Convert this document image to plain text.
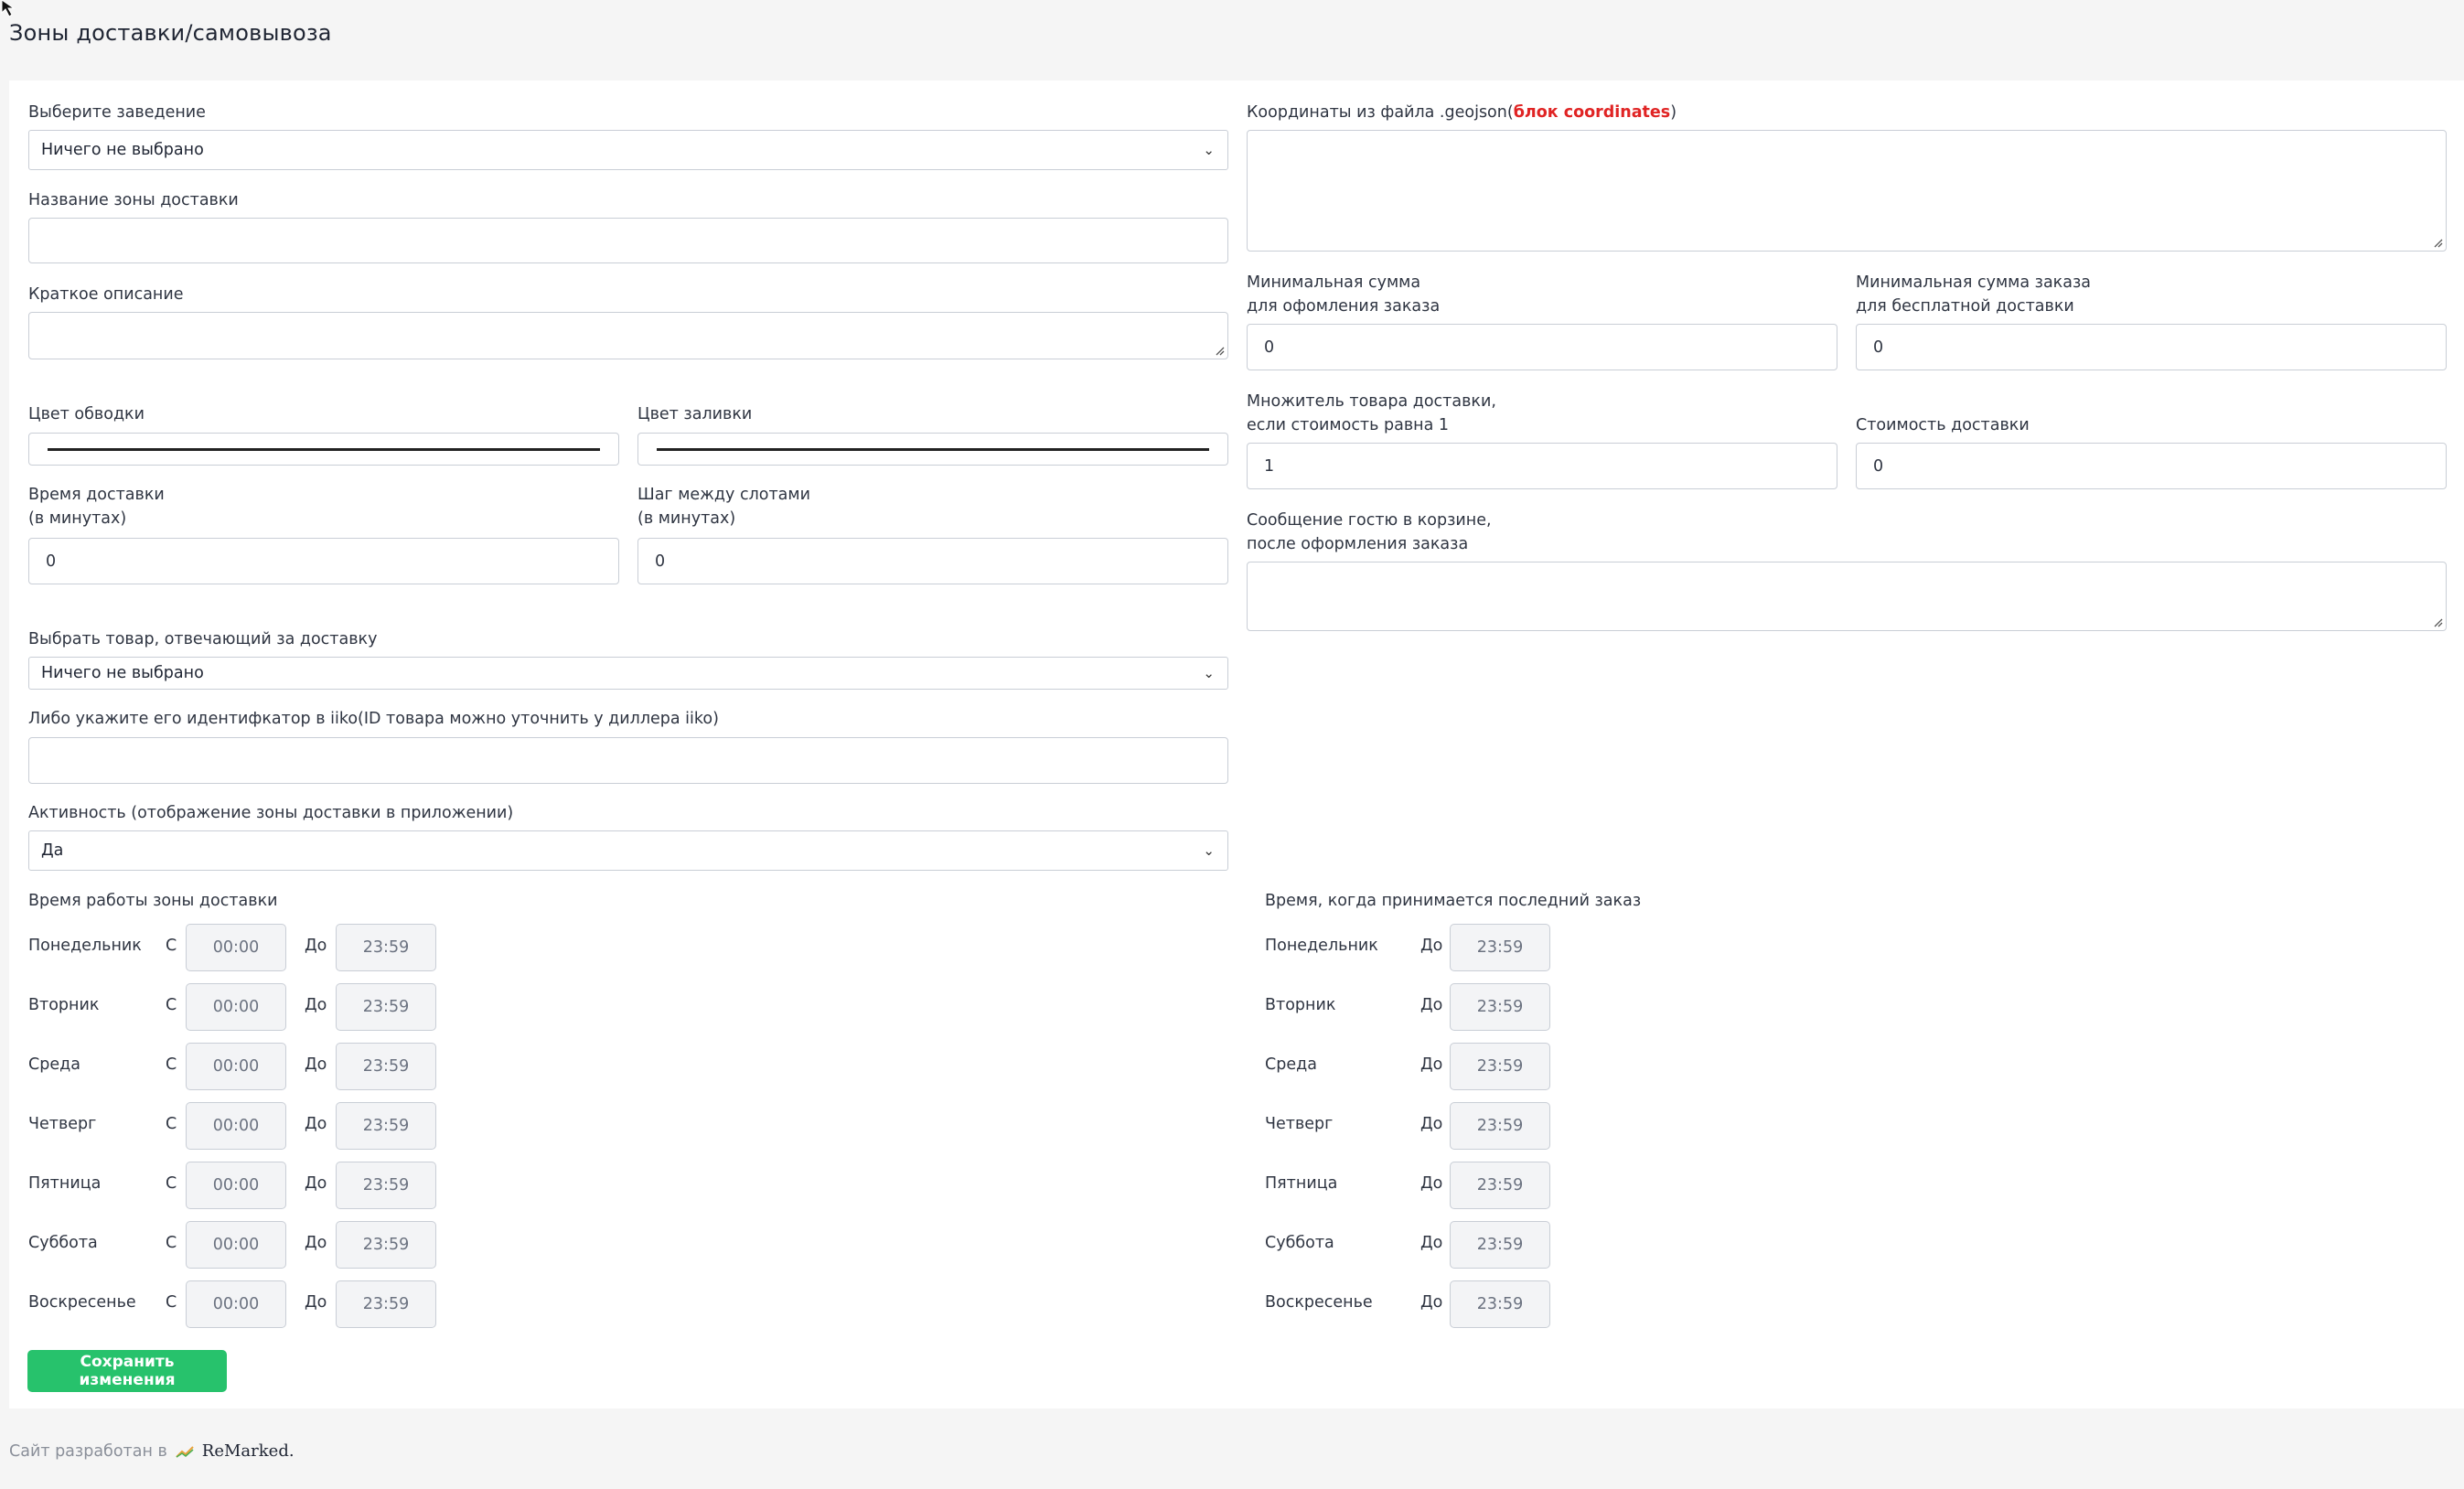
Зоны доставки/самовывоза
Выберите заведение
Ничего не выбрано	⌄
Название зоны доставки
Краткое описание
Цвет обводки	Цвет заливки
Время доставки
(в минутах)
0
Шаг между слотами
(в минутах)
0
Выбрать товар, отвечающий за доставку
Ничего не выбрано	⌄
Либо укажите его идентифкатор в iiko(ID товара можно уточнить у диллера iiko)
Активность (отображение зоны доставки в приложении)
Да	⌄
Координаты из файла .geojson(блок coordinates)
Минимальная сумма
для офомления заказа
0
Минимальная сумма заказа
для бесплатной доставки
0
Множитель товара доставки,
если стоимость равна 1
1
Стоимость доставки
0
Сообщение гостю в корзине,
после оформления заказа
Время работы зоны доставки	Время, когда принимается последний заказ
Понедельник С	00:00	До	23:59	Понедельник	До	23:59
Вторник	С	00:00	До	23:59	Вторник	До	23:59
Среда	С	00:00	До	23:59	Среда	До	23:59
Четверг	С	00:00	До	23:59	Четверг	До	23:59
Пятница	С	00:00	До	23:59	Пятница	До	23:59
Суббота	С	00:00	До	23:59	Суббота	До	23:59
Воскресенье С	00:00	До	23:59	Воскресенье	До	23:59
Сохранить изменения
Сайт разработан в ReMarked.
